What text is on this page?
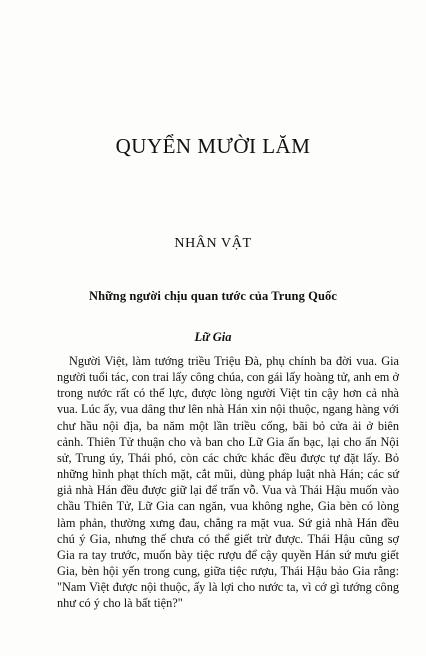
QUYỂN MƯỜI LĂM
NHÂN VẬT
Những người chịu quan tước của Trung Quốc
Lữ Gia

Người Việt, làm tướng triều Triệu Đà, phụ chính ba đời vua. Gia người tuổi tác, con trai lấy công chúa, con gái lấy hoàng tử, anh em ở trong nước rất có thế lực, được lòng người Việt tin cậy hơn cả nhà vua. Lúc ấy, vua dâng thư lên nhà Hán xin nội thuộc, ngang hàng với chư hầu nội địa, ba năm một lần triều cống, bãi bỏ cửa ải ở biên cảnh. Thiên Tử thuận cho và ban cho Lữ Gia ấn bạc, lại cho ấn Nội sử, Trung úy, Thái phó, còn các chức khác đều được tự đặt lấy. Bỏ những hình phạt thích mặt, cắt mũi, dùng pháp luật nhà Hán; các sứ giả nhà Hán đều được giữ lại để trấn vỗ. Vua và Thái Hậu muốn vào chầu Thiên Tử, Lữ Gia can ngăn, vua không nghe, Gia bèn có lòng làm phản, thường xưng đau, chẳng ra mặt vua. Sứ giả nhà Hán đều chú ý Gia, nhưng thế chưa có thể giết trừ được. Thái Hậu cũng sợ Gia ra tay trước, muốn bày tiệc rượu để cậy quyền Hán sứ mưu giết Gia, bèn hội yến trong cung, giữa tiệc rượu, Thái Hậu bảo Gia rằng: "Nam Việt được nội thuộc, ấy là lợi cho nước ta, vì cớ gì tướng công như có ý cho là bất tiện?"
